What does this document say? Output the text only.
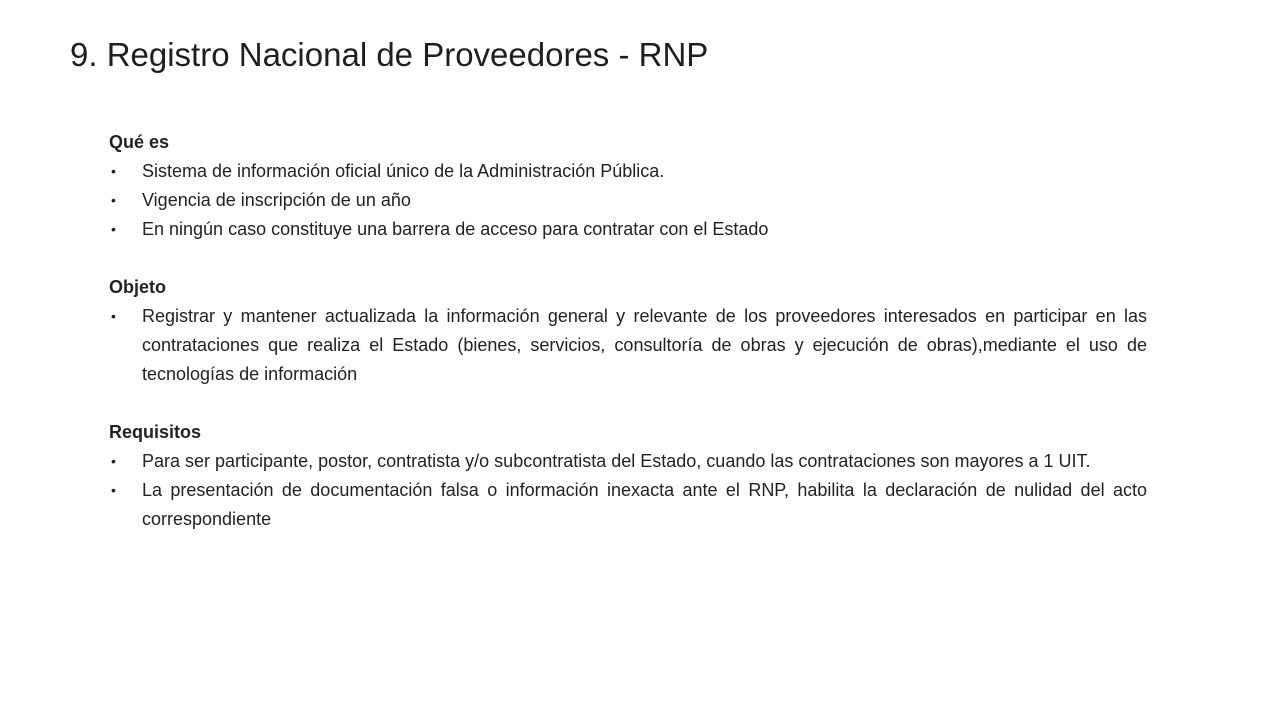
9. Registro Nacional de Proveedores - RNP

Qué es

• Sistema de información oficial único de la Administración Pública.
• Vigencia de inscripción de un año
• En ningún caso constituye una barrera de acceso para contratar con el Estado

Objeto

• Registrar y mantener actualizada la información general y relevante de los proveedores interesados en participar en las contrataciones que realiza el Estado (bienes, servicios, consultoría de obras y ejecución de obras),mediante el uso de tecnologías de información

Requisitos

• Para ser participante, postor, contratista y/o subcontratista del Estado, cuando las contrataciones son mayores a 1 UIT.
• La presentación de documentación falsa o información inexacta ante el RNP, habilita la declaración de nulidad del acto correspondiente
